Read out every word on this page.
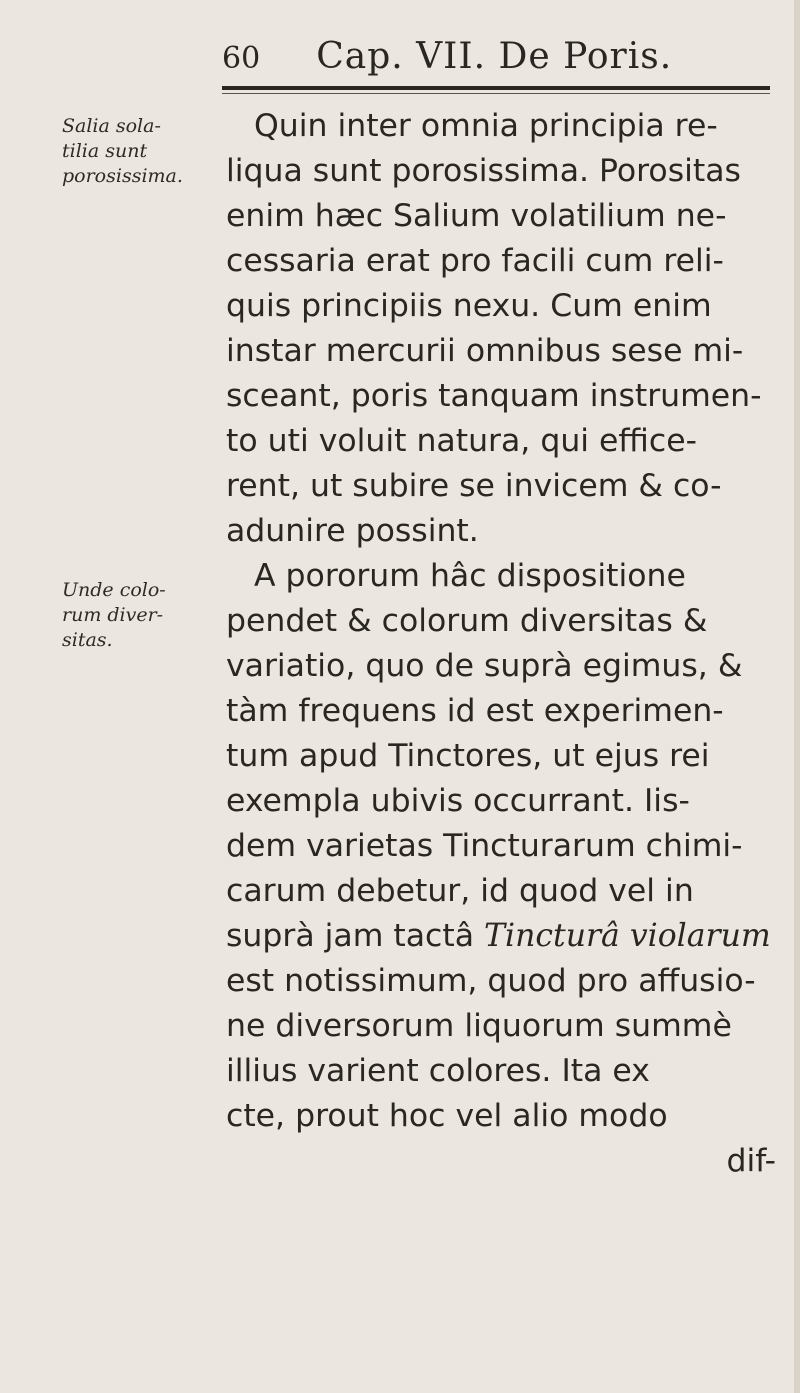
60 Cap. VII. De Poris.
Salia sola-
tilia sunt
porosissima.
Unde colo-
rum diver-
sitas.
Quin inter omnia principia re-
liqua sunt porosissima. Porositas
enim hæc Salium volatilium ne-
cessaria erat pro facili cum reli-
quis principiis nexu. Cum enim
instar mercurii omnibus sese mi-
sceant, poris tanquam instrumen-
to uti voluit natura, qui effice-
rent, ut subire se invicem & co-
adunire possint.
A pororum hâc dispositione
pendet & colorum diversitas &
variatio, quo de suprà egimus, &
tàm frequens id est experimen-
tum apud Tinctores, ut ejus rei
exempla ubivis occurrant. Iis-
dem varietas Tincturarum chimi-
carum debetur, id quod vel in
suprà jam tactâ Tincturâ violarum
est notissimum, quod pro affusio-
ne diversorum liquorum summè
illius varient colores. Ita ex
cte, prout hoc vel alio modo
dif-
